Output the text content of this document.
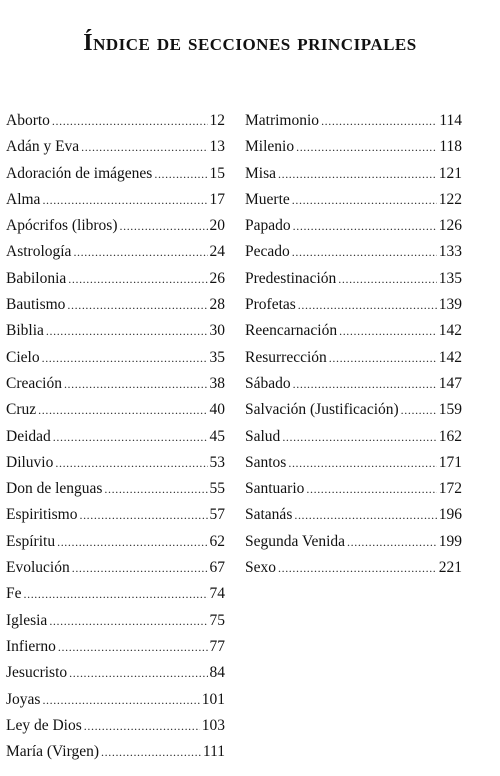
Índice de secciones principales
Aborto .....	12
Adán y Eva .....	13
Adoración de imágenes .....	15
Alma .....	17
Apócrifos (libros) .....	20
Astrología .....	24
Babilonia .....	26
Bautismo .....	28
Biblia .....	30
Cielo .....	35
Creación .....	38
Cruz .....	40
Deidad .....	45
Diluvio .....	53
Don de lenguas .....	55
Espiritismo .....	57
Espíritu .....	62
Evolución .....	67
Fe .....	74
Iglesia .....	75
Infierno .....	77
Jesucristo .....	84
Joyas .....	101
Ley de Dios .....	103
María (Virgen) .....	111
Matrimonio .....	114
Milenio .....	118
Misa .....	121
Muerte .....	122
Papado .....	126
Pecado .....	133
Predestinación .....	135
Profetas .....	139
Reencarnación .....	142
Resurrección .....	142
Sábado .....	147
Salvación (Justificación) .....	159
Salud .....	162
Santos .....	171
Santuario .....	172
Satanás .....	196
Segunda Venida .....	199
Sexo .....	221
